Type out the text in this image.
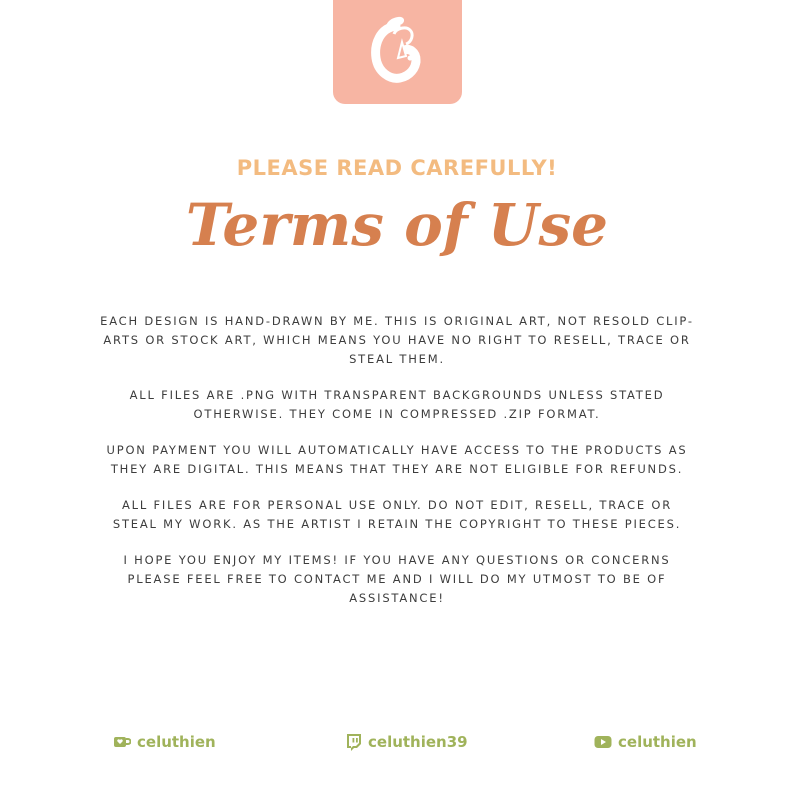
PLEASE READ CAREFULLY!
Terms of Use

EACH DESIGN IS HAND-DRAWN BY ME. THIS IS ORIGINAL ART, NOT RESOLD CLIP-ARTS OR STOCK ART, WHICH MEANS YOU HAVE NO RIGHT TO RESELL, TRACE OR STEAL THEM.

ALL FILES ARE .PNG WITH TRANSPARENT BACKGROUNDS UNLESS STATED OTHERWISE. THEY COME IN COMPRESSED .ZIP FORMAT.

UPON PAYMENT YOU WILL AUTOMATICALLY HAVE ACCESS TO THE PRODUCTS AS THEY ARE DIGITAL. THIS MEANS THAT THEY ARE NOT ELIGIBLE FOR REFUNDS.

ALL FILES ARE FOR PERSONAL USE ONLY. DO NOT EDIT, RESELL, TRACE OR STEAL MY WORK. AS THE ARTIST I RETAIN THE COPYRIGHT TO THESE PIECES.

I HOPE YOU ENJOY MY ITEMS! IF YOU HAVE ANY QUESTIONS OR CONCERNS PLEASE FEEL FREE TO CONTACT ME AND I WILL DO MY UTMOST TO BE OF ASSISTANCE!

celuthien	celuthien39	celuthien
